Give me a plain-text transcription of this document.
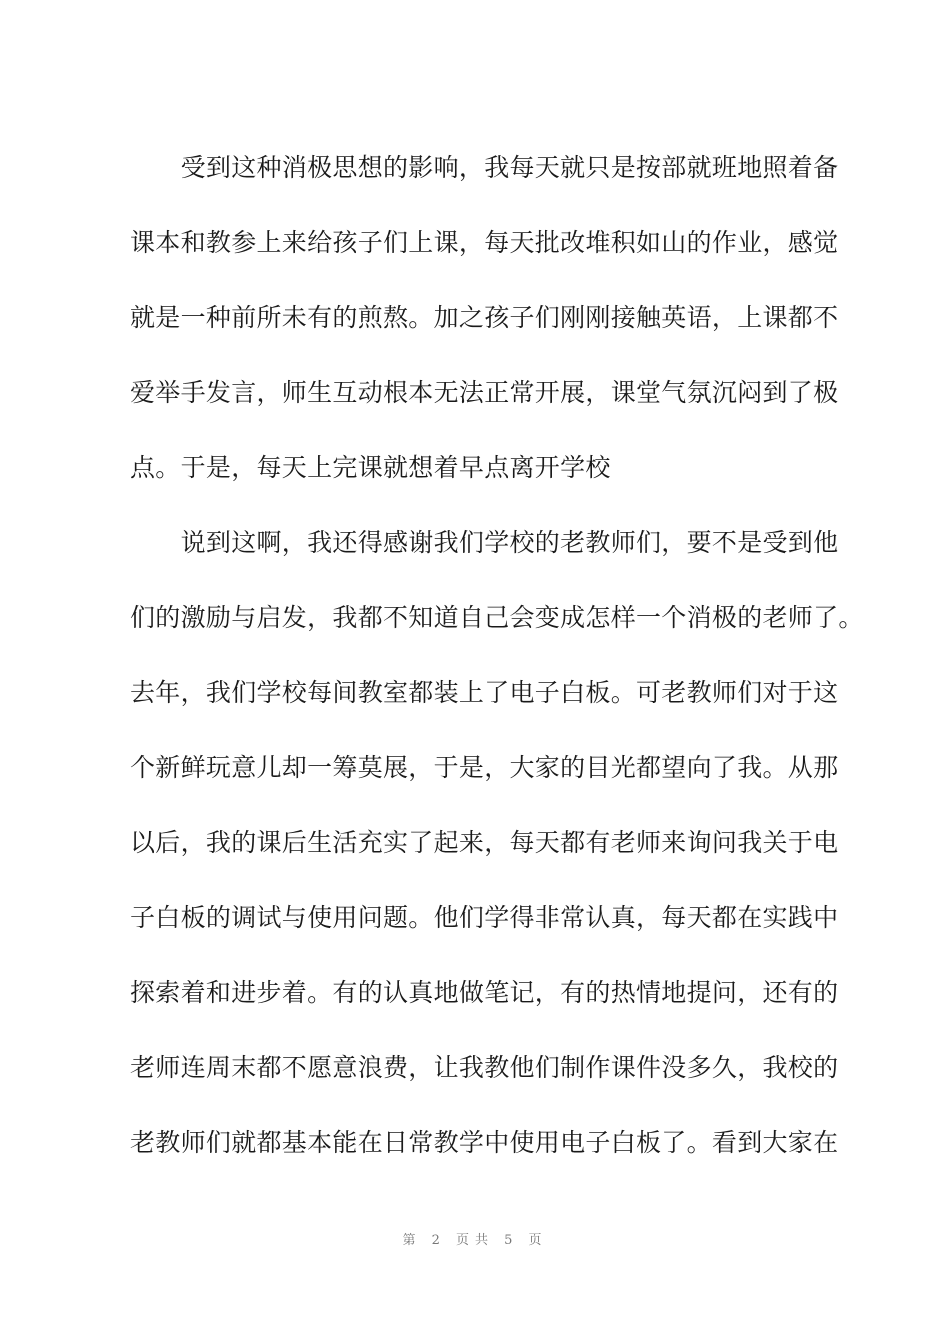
　　受到这种消极思想的影响，我每天就只是按部就班地照着备
课本和教参上来给孩子们上课，每天批改堆积如山的作业，感觉
就是一种前所未有的煎熬。加之孩子们刚刚接触英语，上课都不
爱举手发言，师生互动根本无法正常开展，课堂气氛沉闷到了极
点。于是，每天上完课就想着早点离开学校
　　说到这啊，我还得感谢我们学校的老教师们，要不是受到他
们的激励与启发，我都不知道自己会变成怎样一个消极的老师了。
去年，我们学校每间教室都装上了电子白板。可老教师们对于这
个新鲜玩意儿却一筹莫展，于是，大家的目光都望向了我。从那
以后，我的课后生活充实了起来，每天都有老师来询问我关于电
子白板的调试与使用问题。他们学得非常认真，每天都在实践中
探索着和进步着。有的认真地做笔记，有的热情地提问，还有的
老师连周末都不愿意浪费，让我教他们制作课件没多久，我校的
老教师们就都基本能在日常教学中使用电子白板了。看到大家在
第 2 页共 5 页
